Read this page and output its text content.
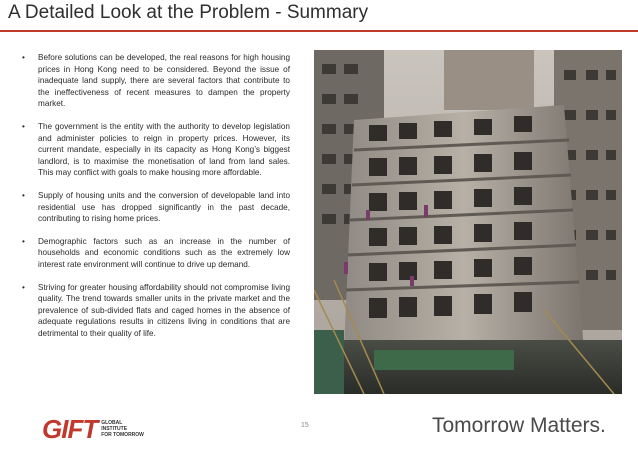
A Detailed Look at the Problem - Summary
• Before solutions can be developed, the real reasons for high housing prices in Hong Kong need to be considered. Beyond the issue of inadequate land supply, there are several factors that contribute to the ineffectiveness of recent measures to dampen the property market.
• The government is the entity with the authority to develop legislation and administer policies to reign in property prices. However, its current mandate, especially in its capacity as Hong Kong’s biggest landlord, is to maximise the monetisation of land from land sales. This may conflict with goals to make housing more affordable.
• Supply of housing units and the conversion of developable land into residential use has dropped significantly in the past decade, contributing to rising home prices.
• Demographic factors such as an increase in the number of households and economic conditions such as the extremely low interest rate environment will continue to drive up demand.
• Striving for greater housing affordability should not compromise living quality. The trend towards smaller units in the private market and the prevalence of sub-divided flats and caged homes in the absence of adequate regulations results in citizens living in conditions that are detrimental to their quality of life.
15
GIFT GLOBAL
INSTITUTE
FOR TOMORROW	Tomorrow Matters.
